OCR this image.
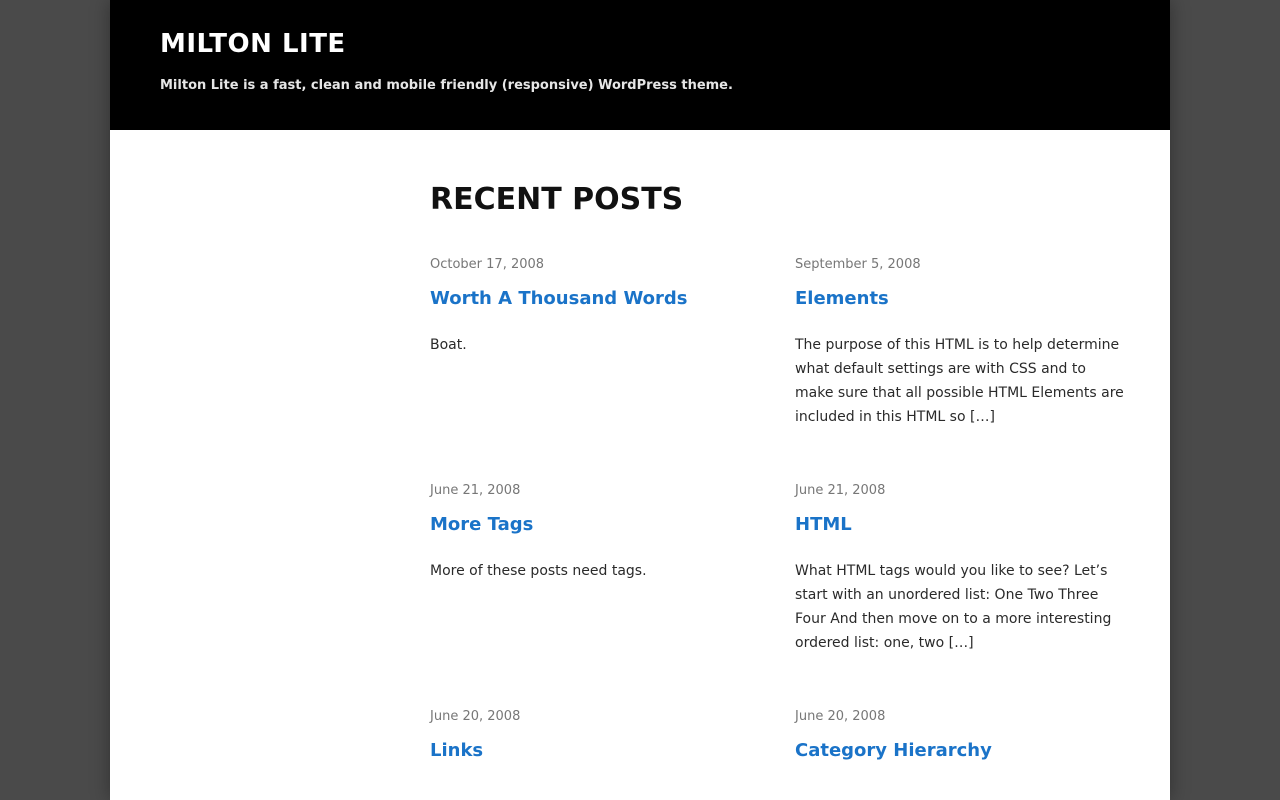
MILTON LITE

Milton Lite is a fast, clean and mobile friendly (responsive) WordPress theme.

RECENT POSTS
October 17, 2008
Worth A Thousand Words

Boat.

September 5, 2008
Elements

The purpose of this HTML is to help determine what default settings are with CSS and to make sure that all possible HTML Elements are included in this HTML so […]

June 21, 2008
More Tags

More of these posts need tags.

June 21, 2008
HTML

What HTML tags would you like to see? Let’s start with an unordered list: One Two Three Four And then move on to a more interesting ordered list: one, two […]

June 20, 2008
Links
June 20, 2008
Category Hierarchy
